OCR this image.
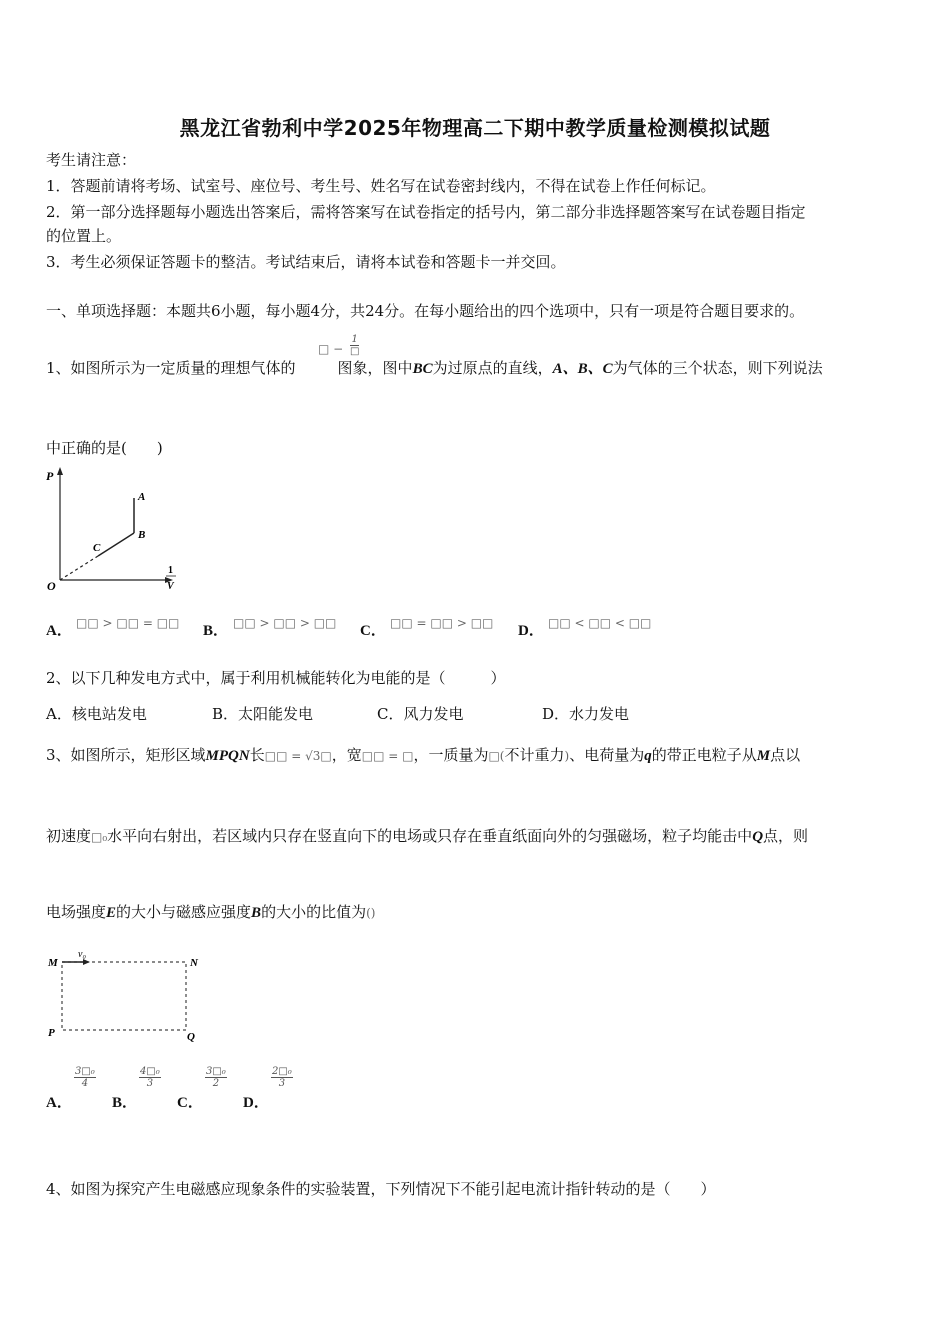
黑龙江省勃利中学2025年物理高二下期中教学质量检测模拟试题
考生请注意：
1．答题前请将考场、试室号、座位号、考生号、姓名写在试卷密封线内，不得在试卷上作任何标记。
2．第一部分选择题每小题选出答案后，需将答案写在试卷指定的括号内，第二部分非选择题答案写在试卷题目指定
的位置上。
3．考生必须保证答题卡的整洁。考试结束后，请将本试卷和答题卡一并交回。
一、单项选择题：本题共6小题，每小题4分，共24分。在每小题给出的四个选项中，只有一项是符合题目要求的。
1、如图所示为一定质量的理想气体的	图象，图中BC为过原点的直线，A、B、C为气体的三个状态，则下列说法
□ −
1
□
中正确的是(　　)
P
O
A
B
C
1
V
A． □□ > □□ = □□ B． □□ > □□ > □□ C． □□ = □□ > □□ D． □□ < □□ < □□
2、以下几种发电方式中，属于利用机械能转化为电能的是（　　　）
A．核电站发电	B．太阳能发电	C．风力发电	D．水力发电
3、如图所示，矩形区域MPQN长□□ = √3□，宽□□ = □，一质量为□(不计重力)、电荷量为q的带正电粒子从M点以
初速度□₀水平向右射出，若区域内只存在竖直向下的电场或只存在垂直纸面向外的匀强磁场，粒子均能击中Q点，则
电场强度E的大小与磁感应强度B的大小的比值为()
v₀
M	N
P	Q
A．
$\frac{\text{3□₀}}{4}$
B．
$\frac{\text{4□₀}}{3}$
C．
$\frac{\text{3□₀}}{2}$
D．
$\frac{\text{2□₀}}{3}$
4、如图为探究产生电磁感应现象条件的实验装置，下列情况下不能引起电流计指针转动的是（　　）
